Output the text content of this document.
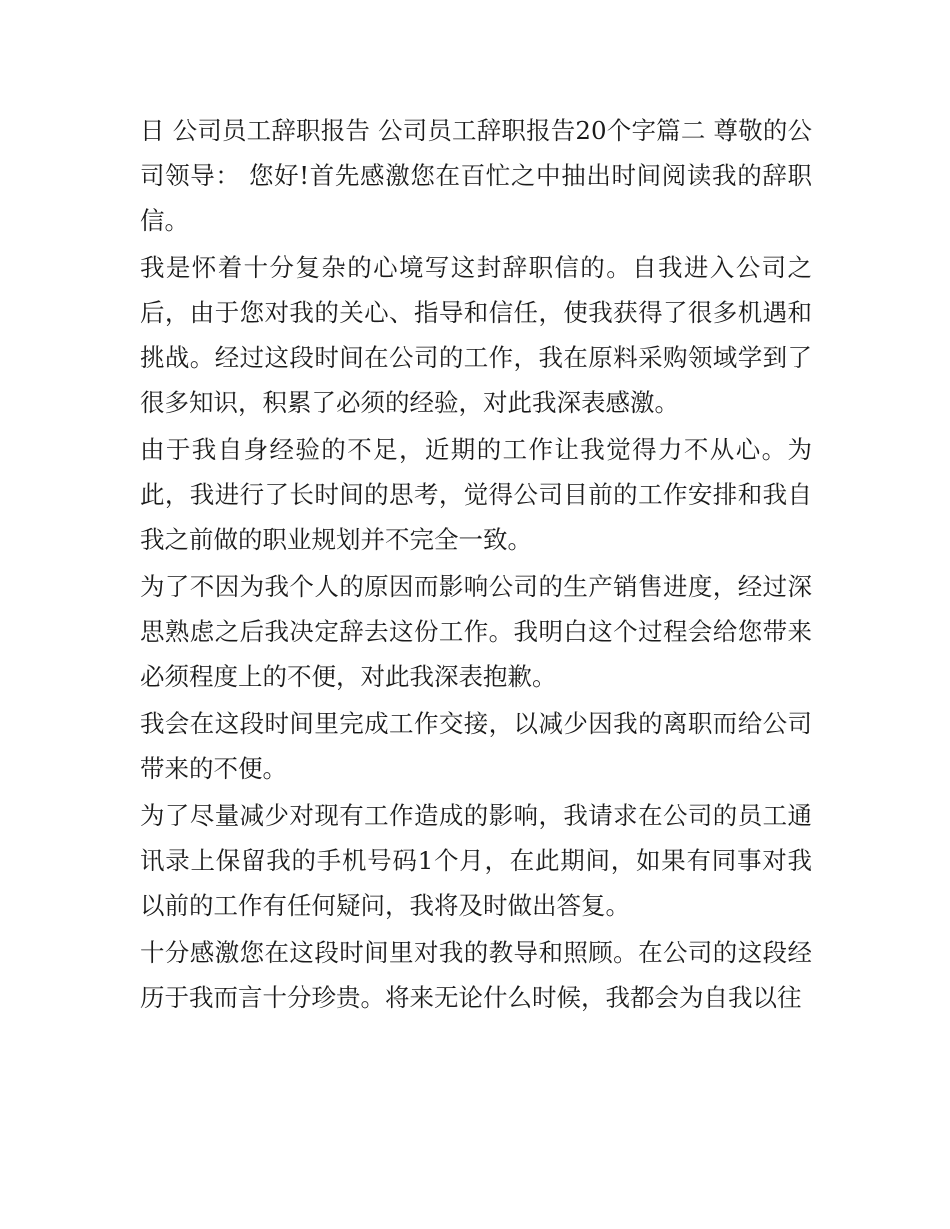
日 公司员工辞职报告 公司员工辞职报告20个字篇二 尊敬的公司领导： 您好!首先感激您在百忙之中抽出时间阅读我的辞职信。

我是怀着十分复杂的心境写这封辞职信的。自我进入公司之后，由于您对我的关心、指导和信任，使我获得了很多机遇和挑战。经过这段时间在公司的工作，我在原料采购领域学到了很多知识，积累了必须的经验，对此我深表感激。

由于我自身经验的不足，近期的工作让我觉得力不从心。为此，我进行了长时间的思考，觉得公司目前的工作安排和我自我之前做的职业规划并不完全一致。

为了不因为我个人的原因而影响公司的生产销售进度，经过深思熟虑之后我决定辞去这份工作。我明白这个过程会给您带来必须程度上的不便，对此我深表抱歉。

我会在这段时间里完成工作交接，以减少因我的离职而给公司带来的不便。

为了尽量减少对现有工作造成的影响，我请求在公司的员工通讯录上保留我的手机号码1个月，在此期间，如果有同事对我以前的工作有任何疑问，我将及时做出答复。

十分感激您在这段时间里对我的教导和照顾。在公司的这段经历于我而言十分珍贵。将来无论什么时候，我都会为自我以往
